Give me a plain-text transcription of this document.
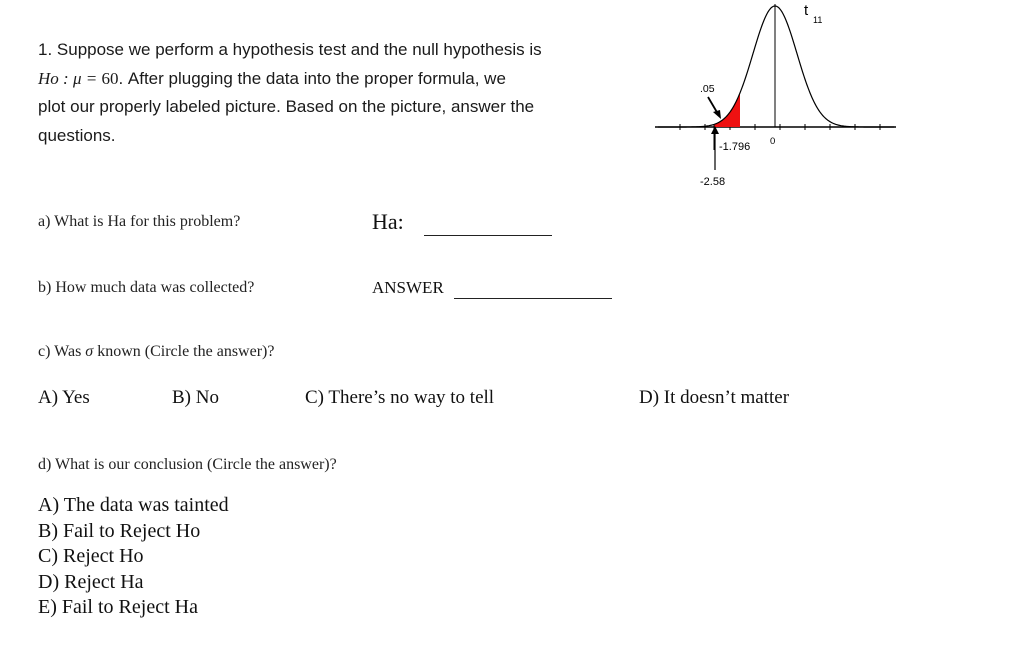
1. Suppose we perform a hypothesis test and the null hypothesis is
Ho : μ = 60. After plugging the data into the proper formula, we
plot our properly labeled picture. Based on the picture, answer the
questions.
t
11
.05
0
-1.796
-2.58
a) What is Ha for this problem?	Ha:
b) How much data was collected?	ANSWER
c) Was σ known (Circle the answer)?
A) Yes	B) No	C) There’s no way to tell	D) It doesn’t matter
d) What is our conclusion (Circle the answer)?
A) The data was tainted
B) Fail to Reject Ho
C) Reject Ho
D) Reject Ha
E) Fail to Reject Ha
